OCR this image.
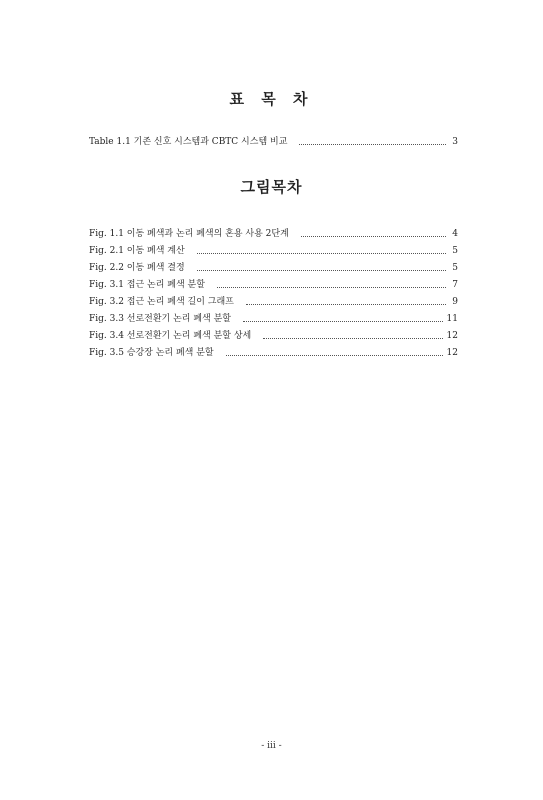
표 목 차
Table 1.1 기존 신호 시스템과 CBTC 시스템 비교	3
그림목차
Fig. 1.1 이동 폐색과 논리 폐색의 혼용 사용 2단계	4
Fig. 2.1 이동 폐색 계산	5
Fig. 2.2 이동 폐색 결정	5
Fig. 3.1 접근 논리 폐색 분할	7
Fig. 3.2 접근 논리 폐색 길이 그래프	9
Fig. 3.3 선로전환기 논리 폐색 분할	11
Fig. 3.4 선로전환기 논리 폐색 분할 상세	12
Fig. 3.5 승강장 논리 폐색 분할	12
- iii -
